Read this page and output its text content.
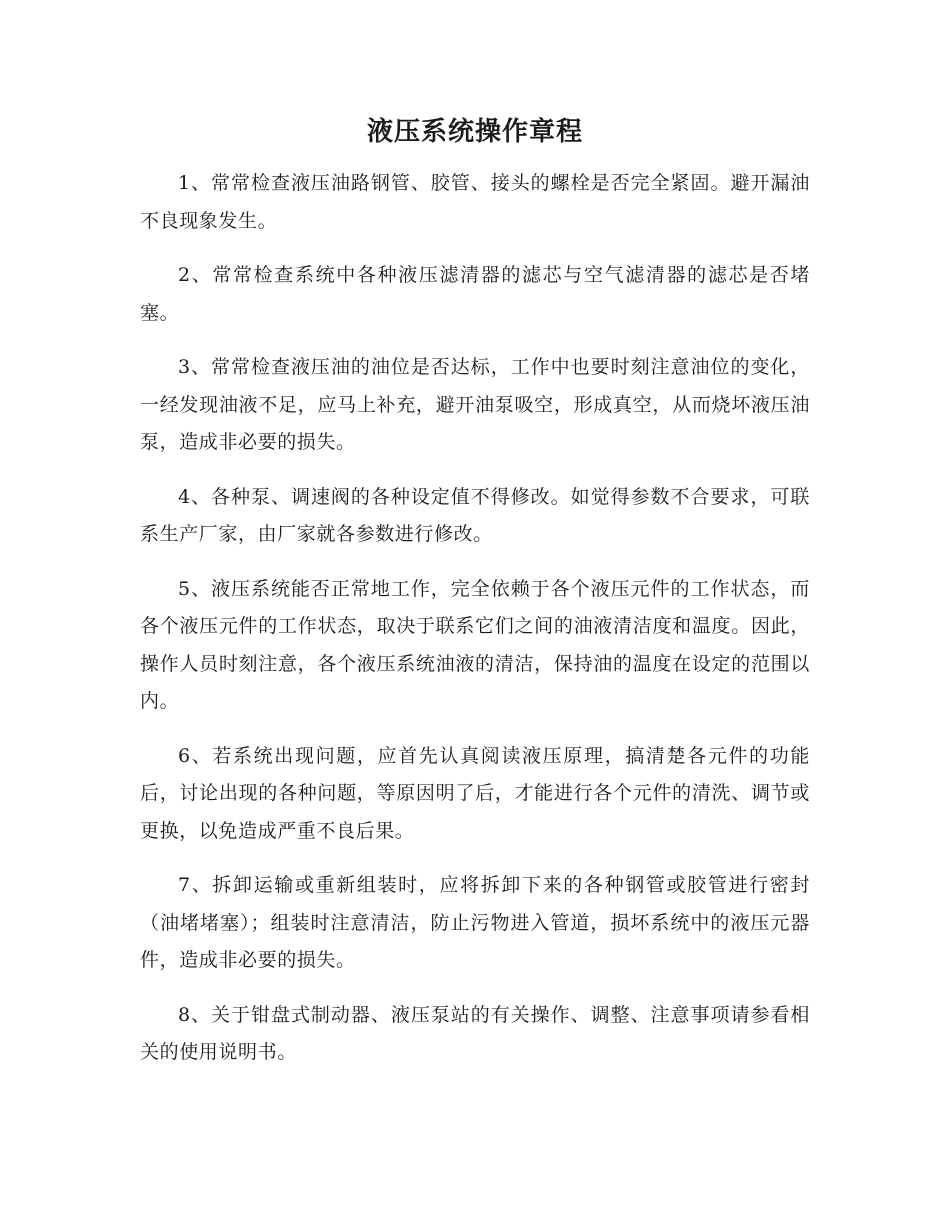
液压系统操作章程

1、常常检查液压油路钢管、胶管、接头的螺栓是否完全紧固。避开漏油不良现象发生。

2、常常检查系统中各种液压滤清器的滤芯与空气滤清器的滤芯是否堵塞。

3、常常检查液压油的油位是否达标，工作中也要时刻注意油位的变化，一经发现油液不足，应马上补充，避开油泵吸空，形成真空，从而烧坏液压油泵，造成非必要的损失。

4、各种泵、调速阀的各种设定值不得修改。如觉得参数不合要求，可联系生产厂家，由厂家就各参数进行修改。

5、液压系统能否正常地工作，完全依赖于各个液压元件的工作状态，而各个液压元件的工作状态，取决于联系它们之间的油液清洁度和温度。因此，操作人员时刻注意，各个液压系统油液的清洁，保持油的温度在设定的范围以内。

6、若系统出现问题，应首先认真阅读液压原理，搞清楚各元件的功能后，讨论出现的各种问题，等原因明了后，才能进行各个元件的清洗、调节或更换，以免造成严重不良后果。

7、拆卸运输或重新组装时，应将拆卸下来的各种钢管或胶管进行密封（油堵堵塞）；组装时注意清洁，防止污物进入管道，损坏系统中的液压元器件，造成非必要的损失。

8、关于钳盘式制动器、液压泵站的有关操作、调整、注意事项请参看相关的使用说明书。
